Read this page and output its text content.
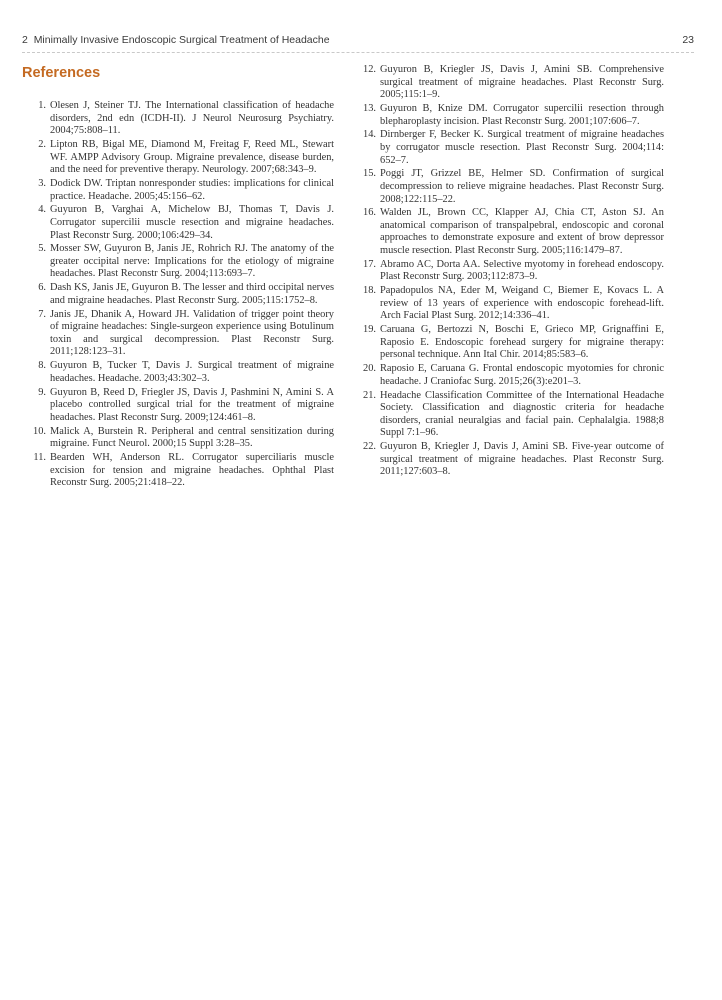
2 Minimally Invasive Endoscopic Surgical Treatment of Headache	23
References
1. Olesen J, Steiner TJ. The International classification of headache disorders, 2nd edn (ICDH-II). J Neurol Neurosurg Psychiatry. 2004;75:808–11.
2. Lipton RB, Bigal ME, Diamond M, Freitag F, Reed ML, Stewart WF. AMPP Advisory Group. Migraine prevalence, disease burden, and the need for preventive therapy. Neurology. 2007;68:343–9.
3. Dodick DW. Triptan nonresponder studies: implications for clinical practice. Headache. 2005;45:156–62.
4. Guyuron B, Varghai A, Michelow BJ, Thomas T, Davis J. Corrugator supercilii muscle resection and migraine headaches. Plast Reconstr Surg. 2000;106:429–34.
5. Mosser SW, Guyuron B, Janis JE, Rohrich RJ. The anatomy of the greater occipital nerve: Implications for the etiology of migraine headaches. Plast Reconstr Surg. 2004;113:693–7.
6. Dash KS, Janis JE, Guyuron B. The lesser and third occipital nerves and migraine headaches. Plast Reconstr Surg. 2005;115:1752–8.
7. Janis JE, Dhanik A, Howard JH. Validation of trigger point theory of migraine headaches: Single-surgeon experience using Botulinum toxin and surgical decompression. Plast Reconstr Surg. 2011;128:123–31.
8. Guyuron B, Tucker T, Davis J. Surgical treatment of migraine headaches. Headache. 2003;43:302–3.
9. Guyuron B, Reed D, Friegler JS, Davis J, Pashmini N, Amini S. A placebo controlled surgical trial for the treatment of migraine headaches. Plast Reconstr Surg. 2009;124:461–8.
10. Malick A, Burstein R. Peripheral and central sensitization during migraine. Funct Neurol. 2000;15 Suppl 3:28–35.
11. Bearden WH, Anderson RL. Corrugator superciliaris muscle excision for tension and migraine headaches. Ophthal Plast Reconstr Surg. 2005;21:418–22.
12. Guyuron B, Kriegler JS, Davis J, Amini SB. Comprehensive surgical treatment of migraine headaches. Plast Reconstr Surg. 2005;115:1–9.
13. Guyuron B, Knize DM. Corrugator supercilii resection through blepharoplasty incision. Plast Reconstr Surg. 2001;107:606–7.
14. Dirnberger F, Becker K. Surgical treatment of migraine headaches by corrugator muscle resection. Plast Reconstr Surg. 2004;114: 652–7.
15. Poggi JT, Grizzel BE, Helmer SD. Confirmation of surgical decompression to relieve migraine headaches. Plast Reconstr Surg. 2008;122:115–22.
16. Walden JL, Brown CC, Klapper AJ, Chia CT, Aston SJ. An anatomical comparison of transpalpebral, endoscopic and coronal approaches to demonstrate exposure and extent of brow depressor muscle resection. Plast Reconstr Surg. 2005;116:1479–87.
17. Abramo AC, Dorta AA. Selective myotomy in forehead endoscopy. Plast Reconstr Surg. 2003;112:873–9.
18. Papadopulos NA, Eder M, Weigand C, Biemer E, Kovacs L. A review of 13 years of experience with endoscopic forehead-lift. Arch Facial Plast Surg. 2012;14:336–41.
19. Caruana G, Bertozzi N, Boschi E, Grieco MP, Grignaffini E, Raposio E. Endoscopic forehead surgery for migraine therapy: personal technique. Ann Ital Chir. 2014;85:583–6.
20. Raposio E, Caruana G. Frontal endoscopic myotomies for chronic headache. J Craniofac Surg. 2015;26(3):e201–3.
21. Headache Classification Committee of the International Headache Society. Classification and diagnostic criteria for headache disorders, cranial neuralgias and facial pain. Cephalalgia. 1988;8 Suppl 7:1–96.
22. Guyuron B, Kriegler J, Davis J, Amini SB. Five-year outcome of surgical treatment of migraine headaches. Plast Reconstr Surg. 2011;127:603–8.
